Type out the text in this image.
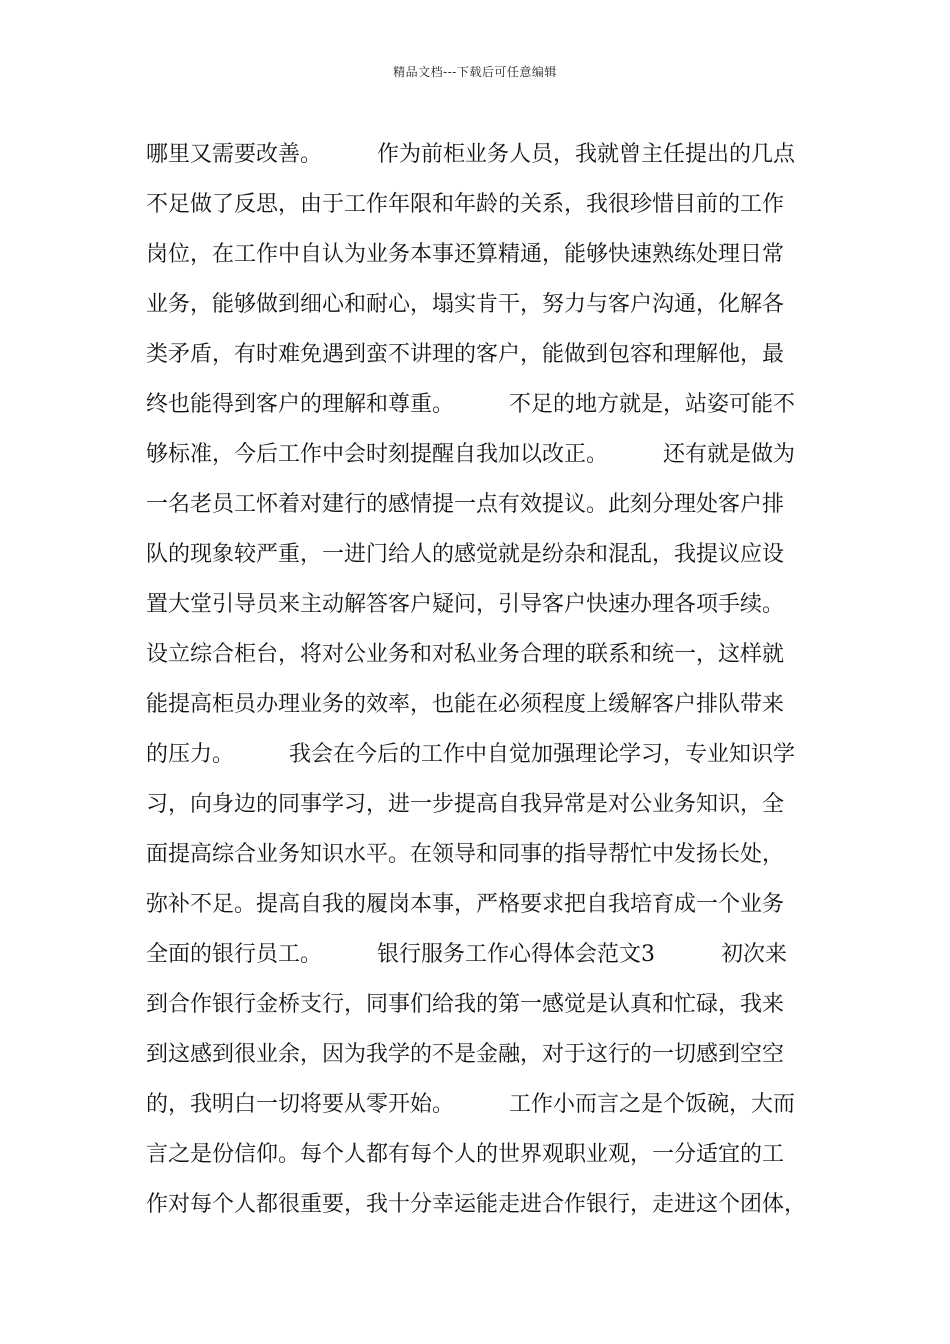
精品文档---下载后可任意编辑
哪里又需要改善。　　　作为前柜业务人员，我就曾主任提出的几点
不足做了反思，由于工作年限和年龄的关系，我很珍惜目前的工作
岗位，在工作中自认为业务本事还算精通，能够快速熟练处理日常
业务，能够做到细心和耐心，塌实肯干，努力与客户沟通，化解各
类矛盾，有时难免遇到蛮不讲理的客户，能做到包容和理解他，最
终也能得到客户的理解和尊重。　　　不足的地方就是，站姿可能不
够标准，今后工作中会时刻提醒自我加以改正。　　　还有就是做为
一名老员工怀着对建行的感情提一点有效提议。此刻分理处客户排
队的现象较严重，一进门给人的感觉就是纷杂和混乱，我提议应设
置大堂引导员来主动解答客户疑问，引导客户快速办理各项手续。
设立综合柜台，将对公业务和对私业务合理的联系和统一，这样就
能提高柜员办理业务的效率，也能在必须程度上缓解客户排队带来
的压力。　　　我会在今后的工作中自觉加强理论学习，专业知识学
习，向身边的同事学习，进一步提高自我异常是对公业务知识，全
面提高综合业务知识水平。在领导和同事的指导帮忙中发扬长处，
弥补不足。提高自我的履岗本事，严格要求把自我培育成一个业务
全面的银行员工。　　　银行服务工作心得体会范文3　　　初次来
到合作银行金桥支行，同事们给我的第一感觉是认真和忙碌，我来
到这感到很业余，因为我学的不是金融，对于这行的一切感到空空
的，我明白一切将要从零开始。　　　工作小而言之是个饭碗，大而
言之是份信仰。每个人都有每个人的世界观职业观，一分适宜的工
作对每个人都很重要，我十分幸运能走进合作银行，走进这个团体，
